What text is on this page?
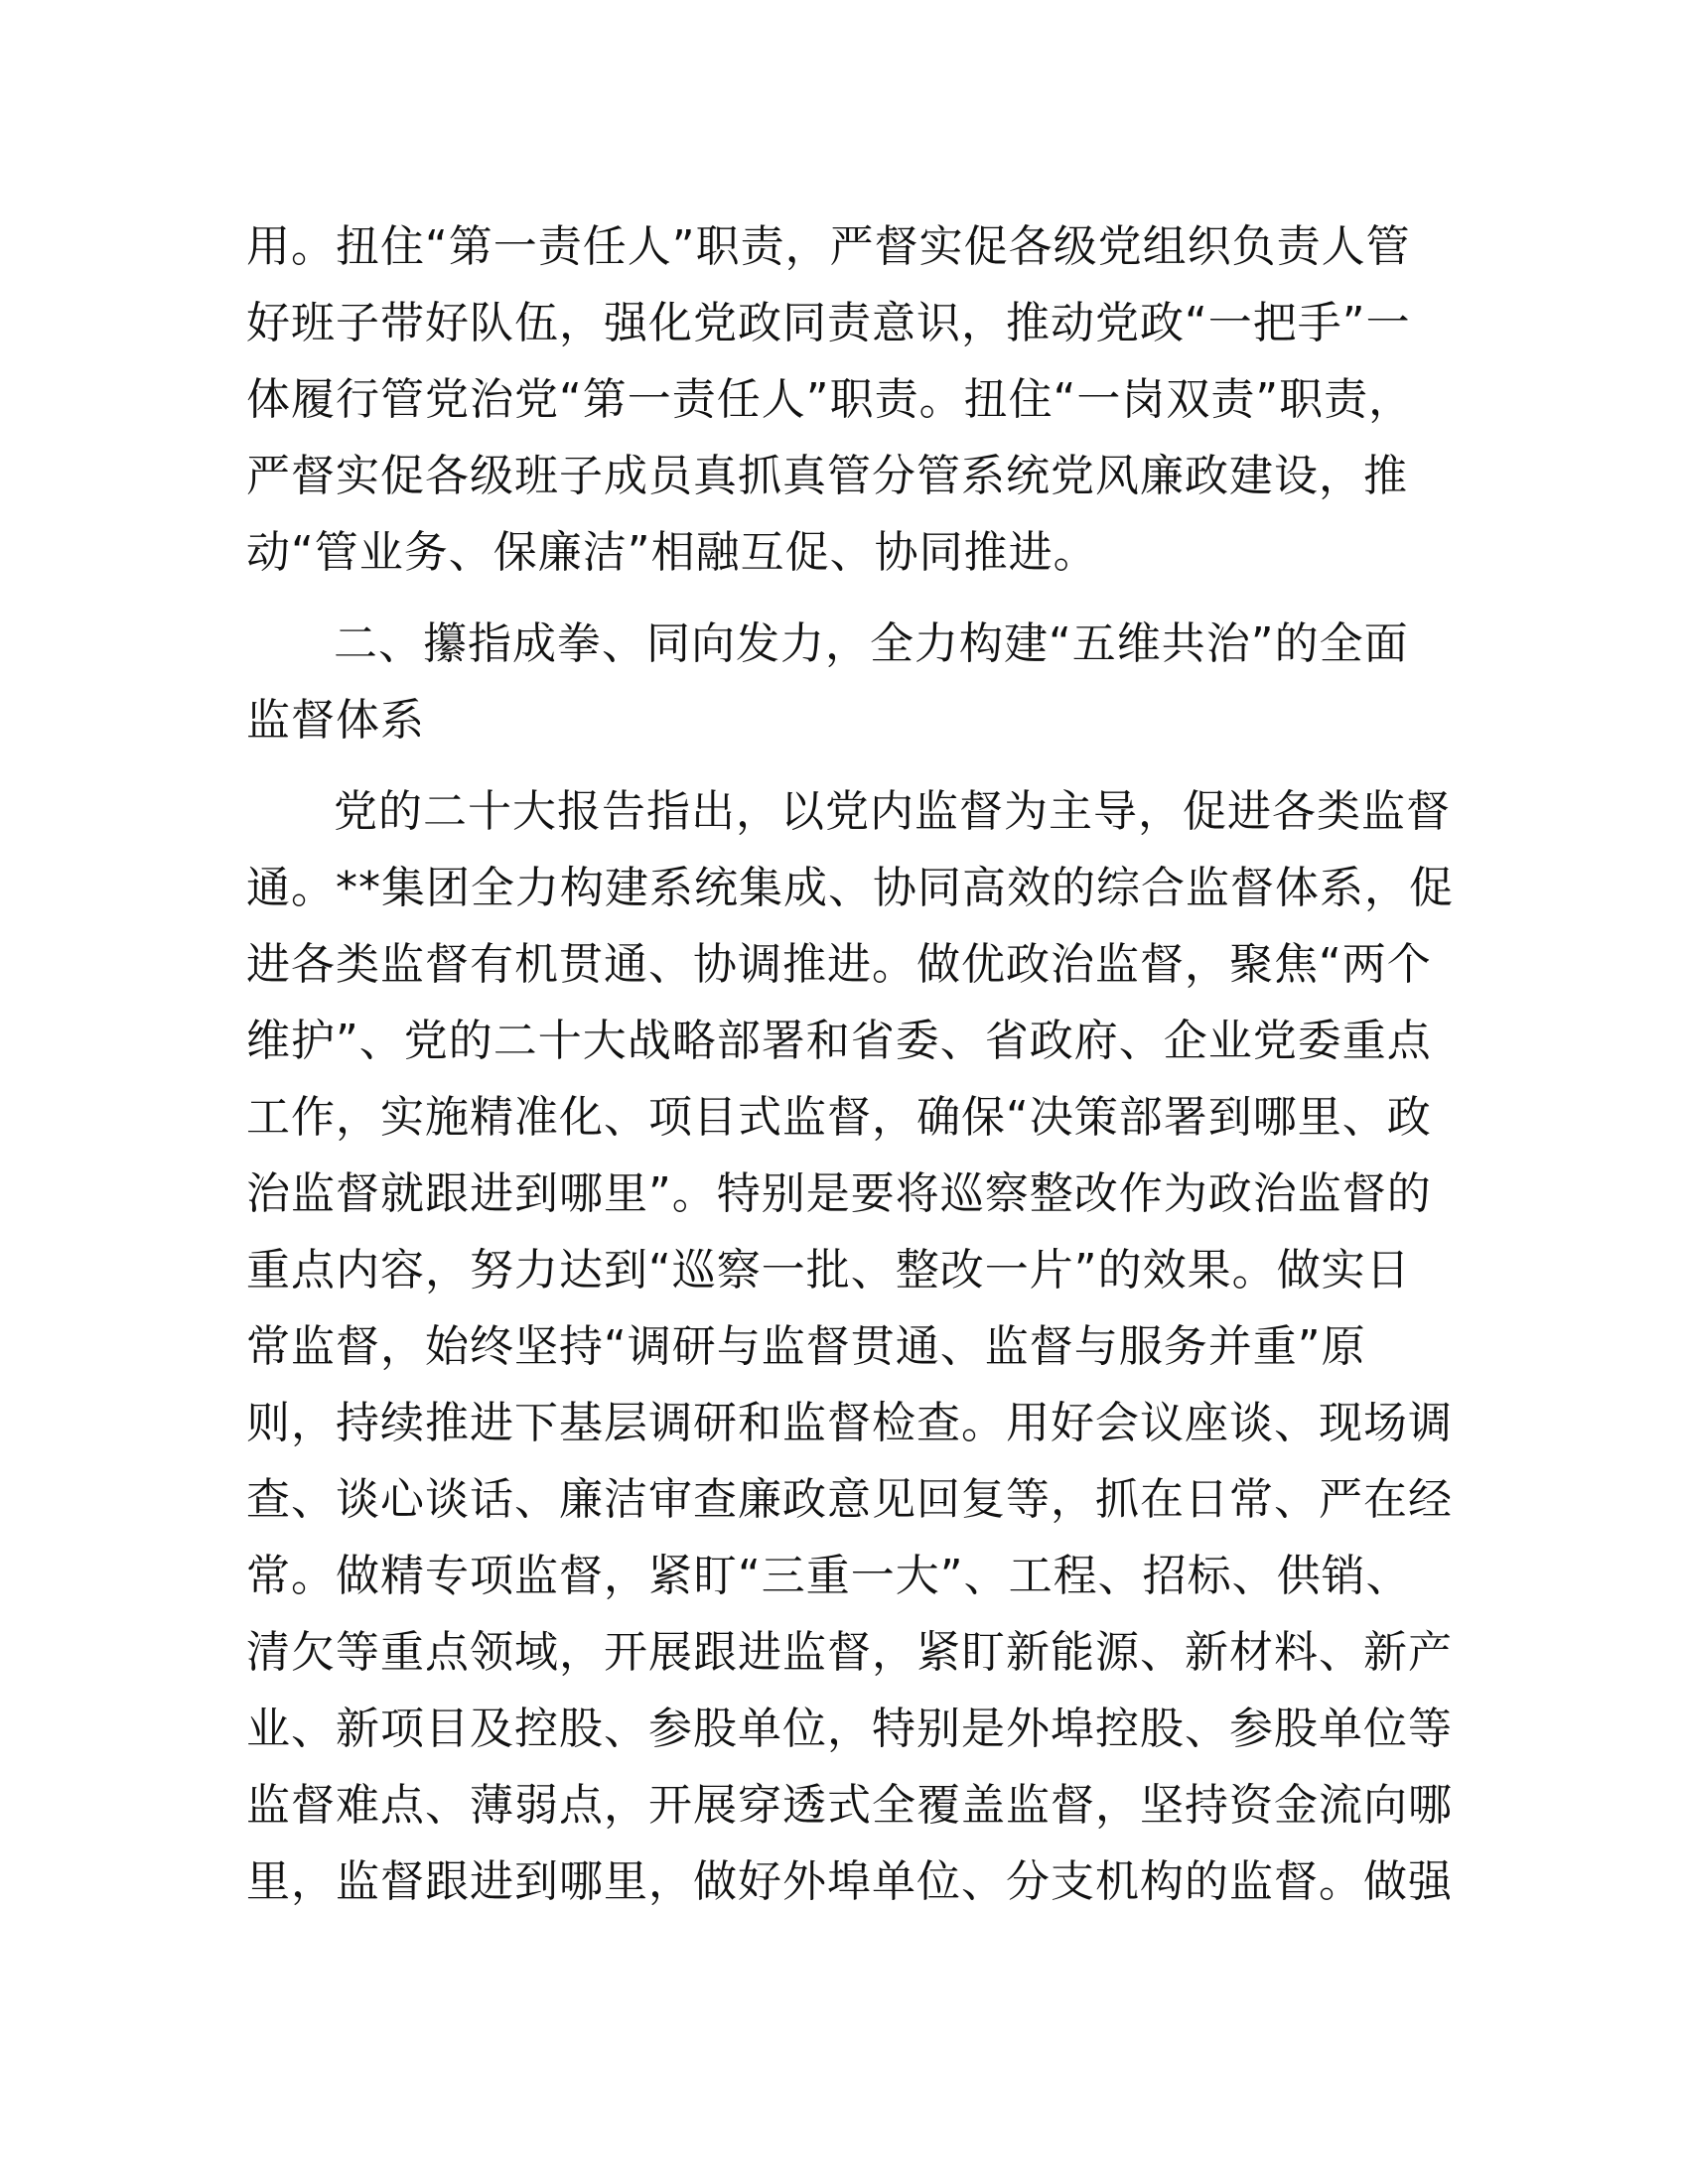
用。扭住“第一责任人”职责，严督实促各级党组织负责人管
好班子带好队伍，强化党政同责意识，推动党政“一把手”一
体履行管党治党“第一责任人”职责。扭住“一岗双责”职责，
严督实促各级班子成员真抓真管分管系统党风廉政建设，推
动“管业务、保廉洁”相融互促、协同推进。
二、攥指成拳、同向发力，全力构建“五维共治”的全面
监督体系
党的二十大报告指出，以党内监督为主导，促进各类监督
通。**集团全力构建系统集成、协同高效的综合监督体系，促
进各类监督有机贯通、协调推进。做优政治监督，聚焦“两个
维护”、党的二十大战略部署和省委、省政府、企业党委重点
工作，实施精准化、项目式监督，确保“决策部署到哪里、政
治监督就跟进到哪里”。特别是要将巡察整改作为政治监督的
重点内容，努力达到“巡察一批、整改一片”的效果。做实日
常监督，始终坚持“调研与监督贯通、监督与服务并重”原
则，持续推进下基层调研和监督检查。用好会议座谈、现场调
查、谈心谈话、廉洁审查廉政意见回复等，抓在日常、严在经
常。做精专项监督，紧盯“三重一大”、工程、招标、供销、
清欠等重点领域，开展跟进监督，紧盯新能源、新材料、新产
业、新项目及控股、参股单位，特别是外埠控股、参股单位等
监督难点、薄弱点，开展穿透式全覆盖监督，坚持资金流向哪
里，监督跟进到哪里，做好外埠单位、分支机构的监督。做强
